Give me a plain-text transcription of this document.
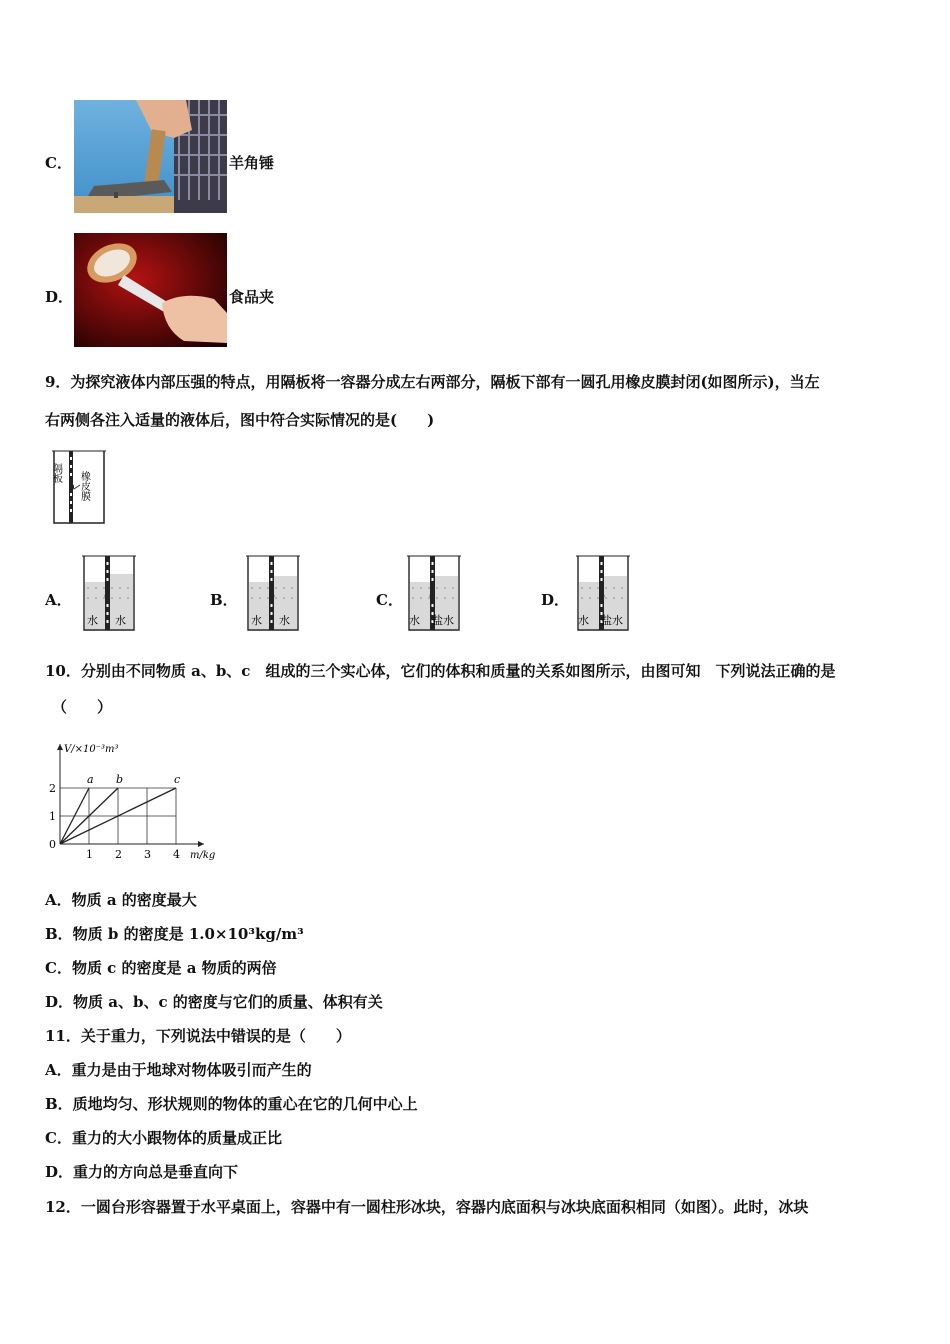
C．	羊角锤
D．	食品夹
9．为探究液体内部压强的特点，用隔板将一容器分成左右两部分，隔板下部有一圆孔用橡皮膜封闭(如图所示)，当左
右两侧各注入适量的液体后，图中符合实际情况的是(　　)
隔板 橡皮膜
A．
水 水
B．
水 水
C．
水 盐水
D．
水 盐水
10．分别由不同物质 a、b、c　组成的三个实心体，它们的体积和质量的关系如图所示，由图可知　下列说法正确的是
（　　）
a b	c
1 2 3 4
1
2
0
V/×10⁻³m³
m/kg
A．物质 a 的密度最大
B．物质 b 的密度是 1.0×10³kg/m³
C．物质 c 的密度是 a 物质的两倍
D．物质 a、b、c 的密度与它们的质量、体积有关
11．关于重力，下列说法中错误的是（　　）
A．重力是由于地球对物体吸引而产生的
B．质地均匀、形状规则的物体的重心在它的几何中心上
C．重力的大小跟物体的质量成正比
D．重力的方向总是垂直向下
12．一圆台形容器置于水平桌面上，容器中有一圆柱形冰块，容器内底面积与冰块底面积相同（如图）。此时，冰块
